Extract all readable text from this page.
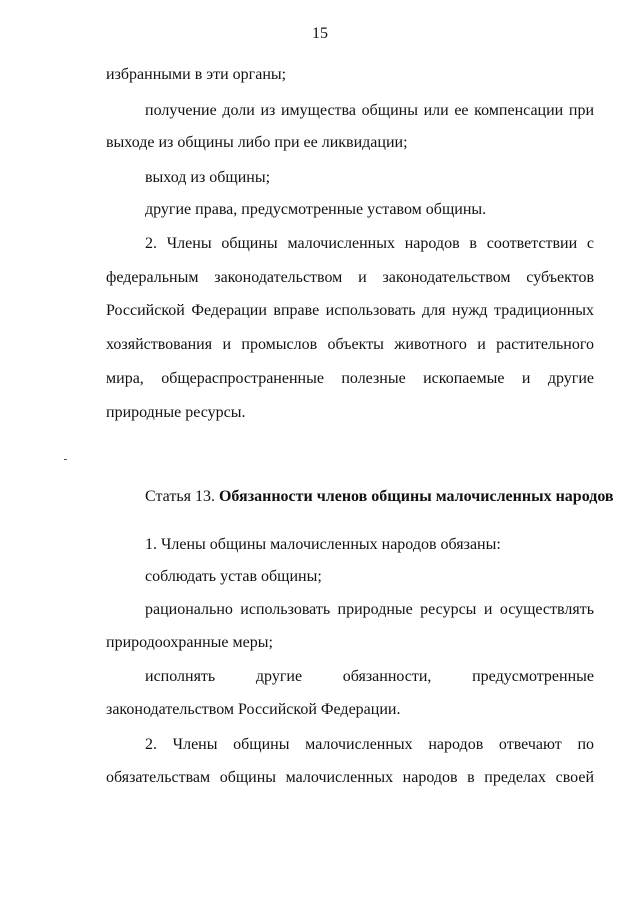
15
избранными в эти органы;
получение доли из имущества общины или ее компенсации при
выходе из общины либо при ее ликвидации;
выход из общины;
другие права, предусмотренные уставом общины.
2. Члены общины малочисленных народов в соответствии с
федеральным законодательством и законодательством субъектов
Российской Федерации вправе использовать для нужд традиционных
хозяйствования и промыслов объекты животного и растительного
мира, общераспространенные полезные ископаемые и другие
природные ресурсы.
Статья 13. Обязанности членов общины малочисленных народов
1. Члены общины малочисленных народов обязаны:
соблюдать устав общины;
рационально использовать природные ресурсы и осуществлять
природоохранные меры;
исполнять другие обязанности, предусмотренные
законодательством Российской Федерации.
2. Члены общины малочисленных народов отвечают по
обязательствам общины малочисленных народов в пределах своей
